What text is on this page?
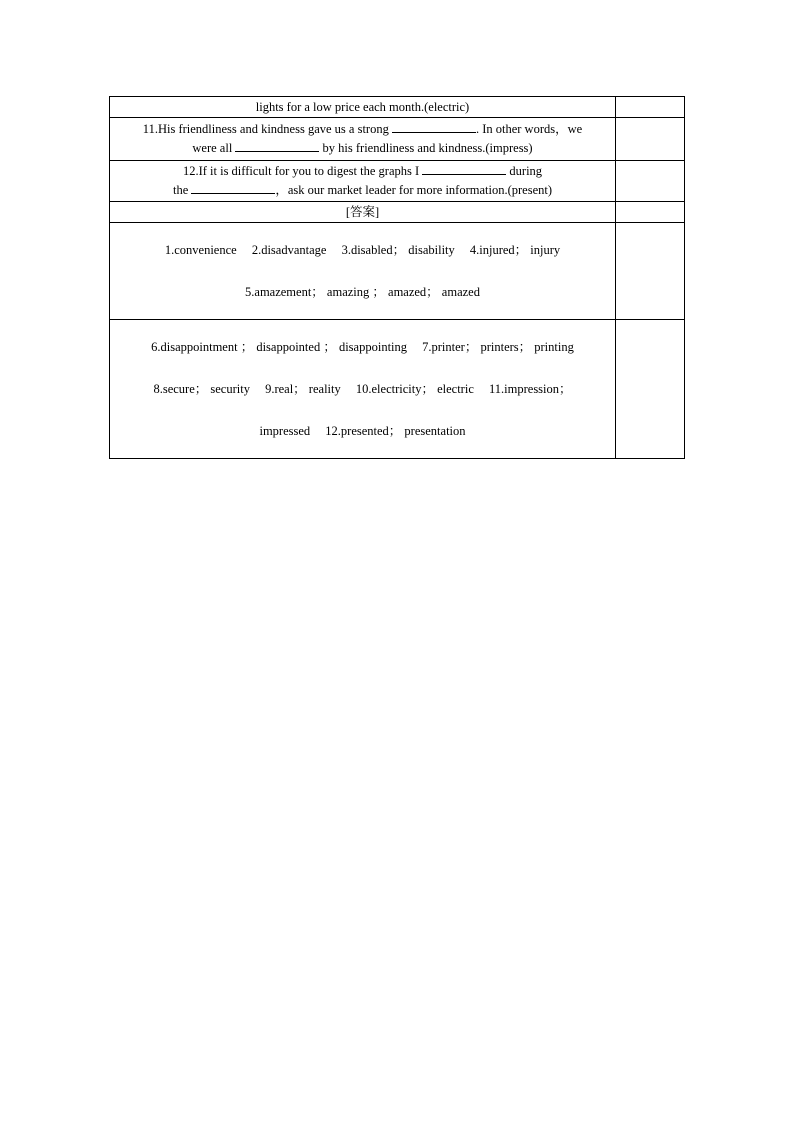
lights for a low price each month.(electric)	

11.His friendliness and kindness gave us a strong . In other words，we
were all by his friendliness and kindness.(impress)	

12.If it is difficult for you to digest the graphs I during
the ，ask our market leader for more information.(present)	

[答案]	

1.convenience 2.disadvantage 3.disabled； disability 4.injured； injury
5.amazement； amazing ； amazed； amazed	

6.disappointment ； disappointed ； disappointing 7.printer； printers； printing
8.secure； security 9.real； reality 10.electricity； electric 11.impression；
impressed 12.presented； presentation	
